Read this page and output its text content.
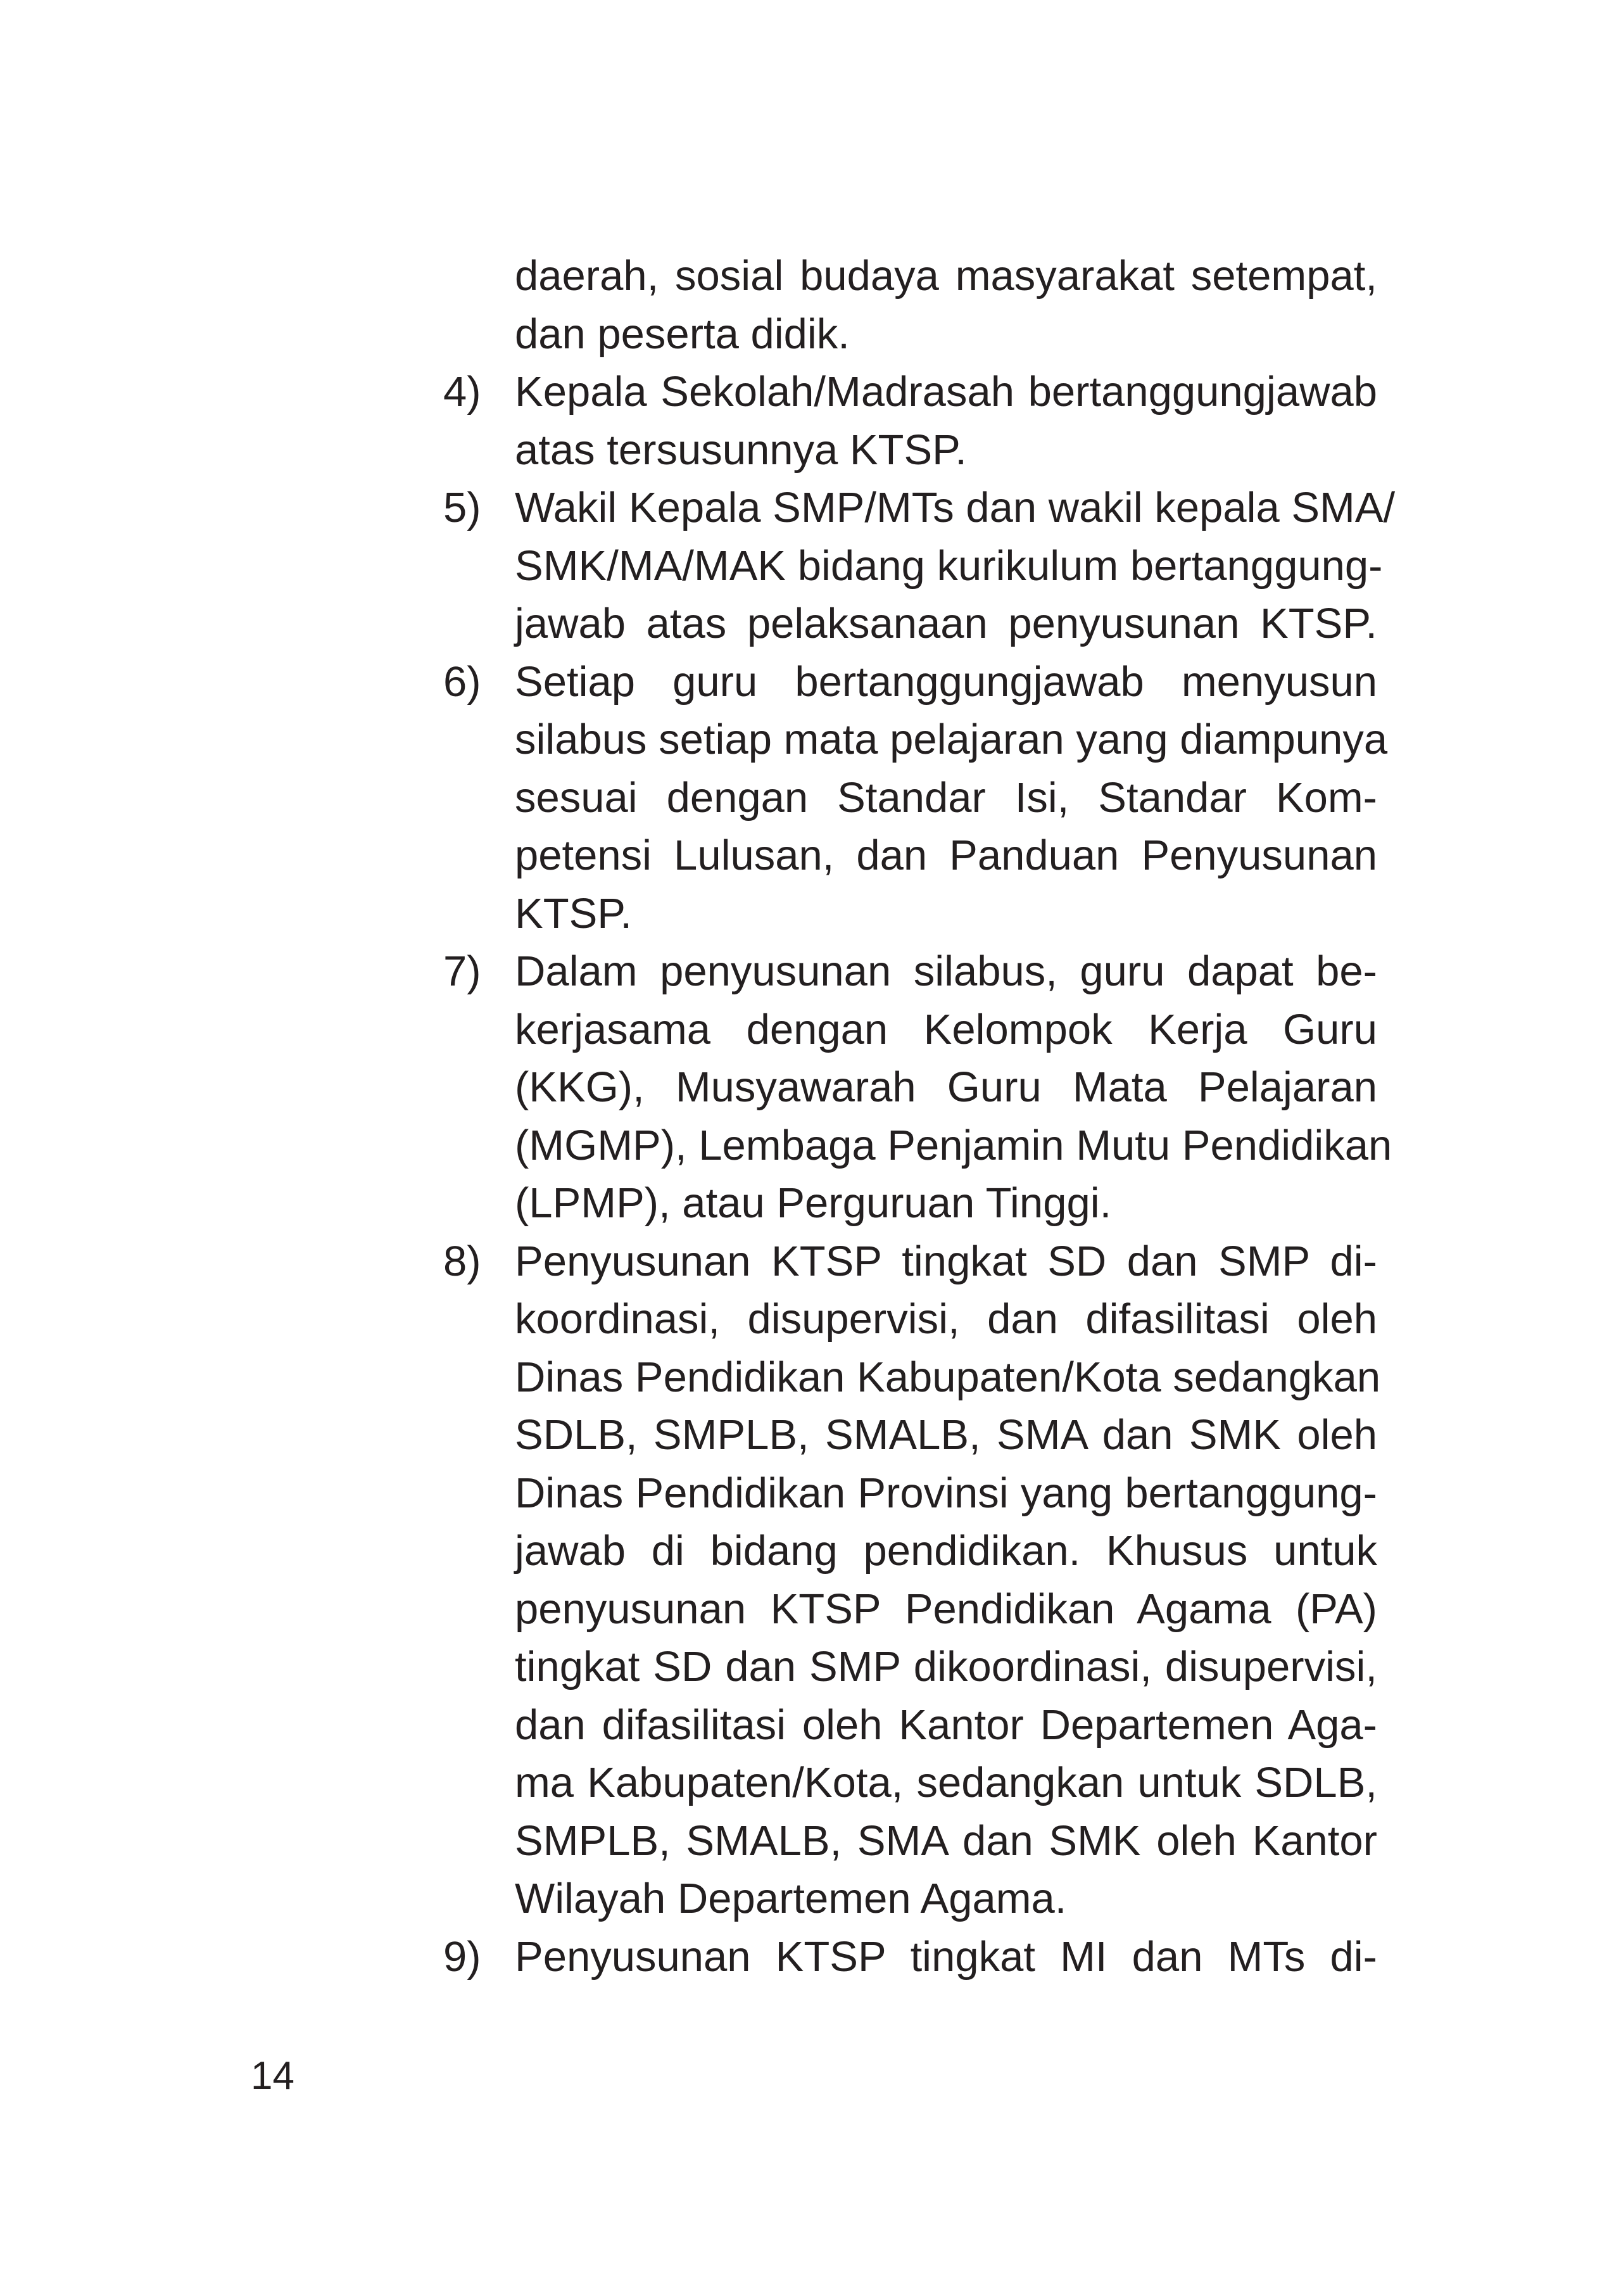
daerah, sosial budaya masyarakat setempat,
dan peserta didik.
4) Kepala Sekolah/Madrasah bertanggungjawab
atas tersusunnya KTSP.
5) Wakil Kepala SMP/MTs dan wakil kepala SMA/
SMK/MA/MAK bidang kurikulum bertanggung-
jawab atas pelaksanaan penyusunan KTSP.
6) Setiap guru bertanggungjawab menyusun
silabus setiap mata pelajaran yang diampunya
sesuai dengan Standar Isi, Standar Kom-
petensi Lulusan, dan Panduan Penyusunan
KTSP.
7) Dalam penyusunan silabus, guru dapat be-
kerjasama dengan Kelompok Kerja Guru
(KKG), Musyawarah Guru Mata Pelajaran
(MGMP), Lembaga Penjamin Mutu Pendidikan
(LPMP), atau Perguruan Tinggi.
8) Penyusunan KTSP tingkat SD dan SMP di-
koordinasi, disupervisi, dan difasilitasi oleh
Dinas Pendidikan Kabupaten/Kota sedangkan
SDLB, SMPLB, SMALB, SMA dan SMK oleh
Dinas Pendidikan Provinsi yang bertanggung-
jawab di bidang pendidikan. Khusus untuk
penyusunan KTSP Pendidikan Agama (PA)
tingkat SD dan SMP dikoordinasi, disupervisi,
dan difasilitasi oleh Kantor Departemen Aga-
ma Kabupaten/Kota, sedangkan untuk SDLB,
SMPLB, SMALB, SMA dan SMK oleh Kantor
Wilayah Departemen Agama.
9) Penyusunan KTSP tingkat MI dan MTs di-
14
